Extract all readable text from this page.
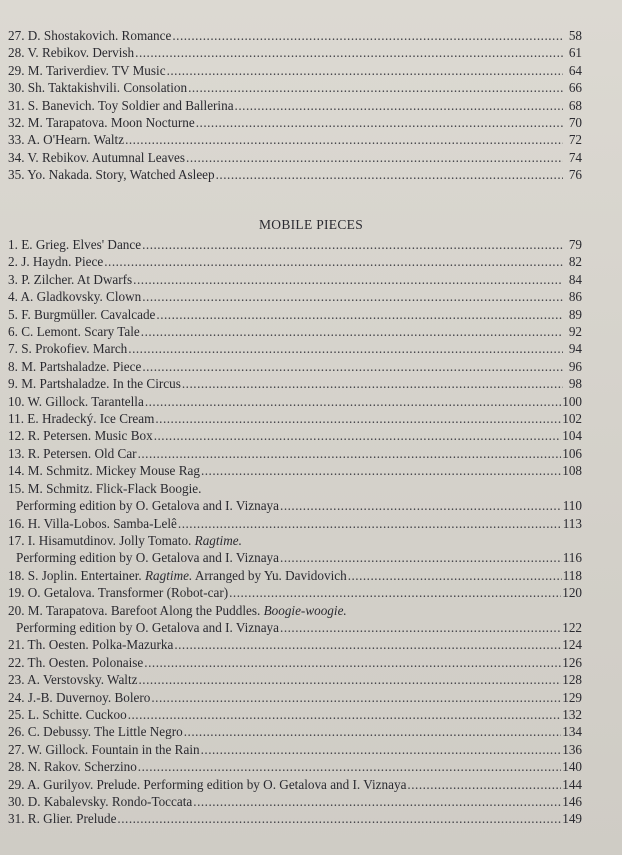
27. D. Shostakovich. Romance .....	58
28. V. Rebikov. Dervish .....	61
29. M. Tariverdiev. TV Music .....	64
30. Sh. Taktakishvili. Consolation .....	66
31. S. Banevich. Toy Soldier and Ballerina .....	68
32. M. Tarapatova. Moon Nocturne .....	70
33. A. O'Hearn. Waltz .....	72
34. V. Rebikov. Autumnal Leaves .....	74
35. Yo. Nakada. Story, Watched Asleep .....	76
MOBILE PIECES
1. E. Grieg. Elves' Dance .....	79
2. J. Haydn. Piece .....	82
3. P. Zilcher. At Dwarfs .....	84
4. A. Gladkovsky. Clown .....	86
5. F. Burgmüller. Cavalcade .....	89
6. C. Lemont. Scary Tale .....	92
7. S. Prokofiev. March .....	94
8. M. Partshaladze. Piece .....	96
9. M. Partshaladze. In the Circus .....	98
10. W. Gillock. Tarantella .....	100
11. E. Hradecký. Ice Cream .....	102
12. R. Petersen. Music Box .....	104
13. R. Petersen. Old Car .....	106
14. M. Schmitz. Mickey Mouse Rag .....	108
15. M. Schmitz. Flick-Flack Boogie.
Performing edition by O. Getalova and I. Viznaya .....	110
16. H. Villa-Lobos. Samba-Lelê .....	113
17. I. Hisamutdinov. Jolly Tomato. Ragtime.
Performing edition by O. Getalova and I. Viznaya .....	116
18. S. Joplin. Entertainer. Ragtime. Arranged by Yu. Davidovich .....	118
19. O. Getalova. Transformer (Robot-car) .....	120
20. M. Tarapatova. Barefoot Along the Puddles. Boogie-woogie.
Performing edition by O. Getalova and I. Viznaya .....	122
21. Th. Oesten. Polka-Mazurka .....	124
22. Th. Oesten. Polonaise .....	126
23. A. Verstovsky. Waltz .....	128
24. J.-B. Duvernoy. Bolero .....	129
25. L. Schitte. Cuckoo .....	132
26. C. Debussy. The Little Negro .....	134
27. W. Gillock. Fountain in the Rain .....	136
28. N. Rakov. Scherzino .....	140
29. A. Gurilyov. Prelude. Performing edition by O. Getalova and I. Viznaya .....	144
30. D. Kabalevsky. Rondo-Toccata .....	146
31. R. Glier. Prelude .....	149
